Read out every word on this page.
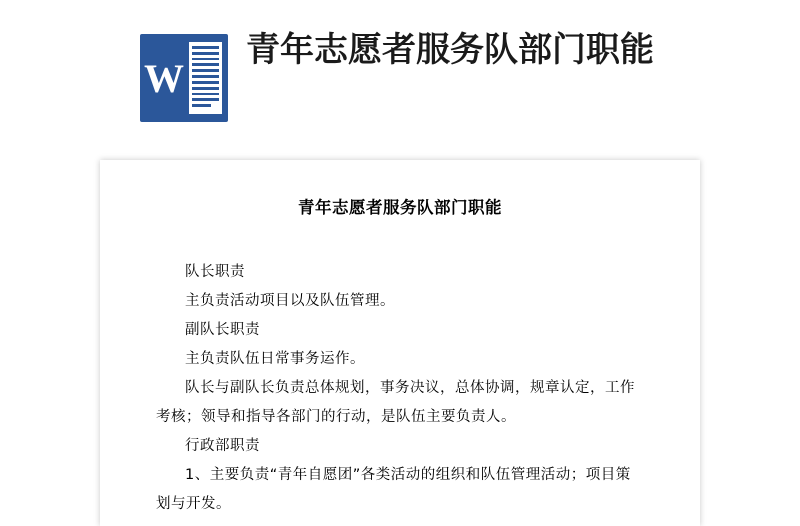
W
青年志愿者服务队部门职能
青年志愿者服务队部门职能

队长职责

主负责活动项目以及队伍管理。

副队长职责

主负责队伍日常事务运作。

队长与副队长负责总体规划，事务决议，总体协调，规章认定，工作考核；领导和指导各部门的行动，是队伍主要负责人。

行政部职责

1、主要负责“青年自愿团”各类活动的组织和队伍管理活动；项目策划与开发。
